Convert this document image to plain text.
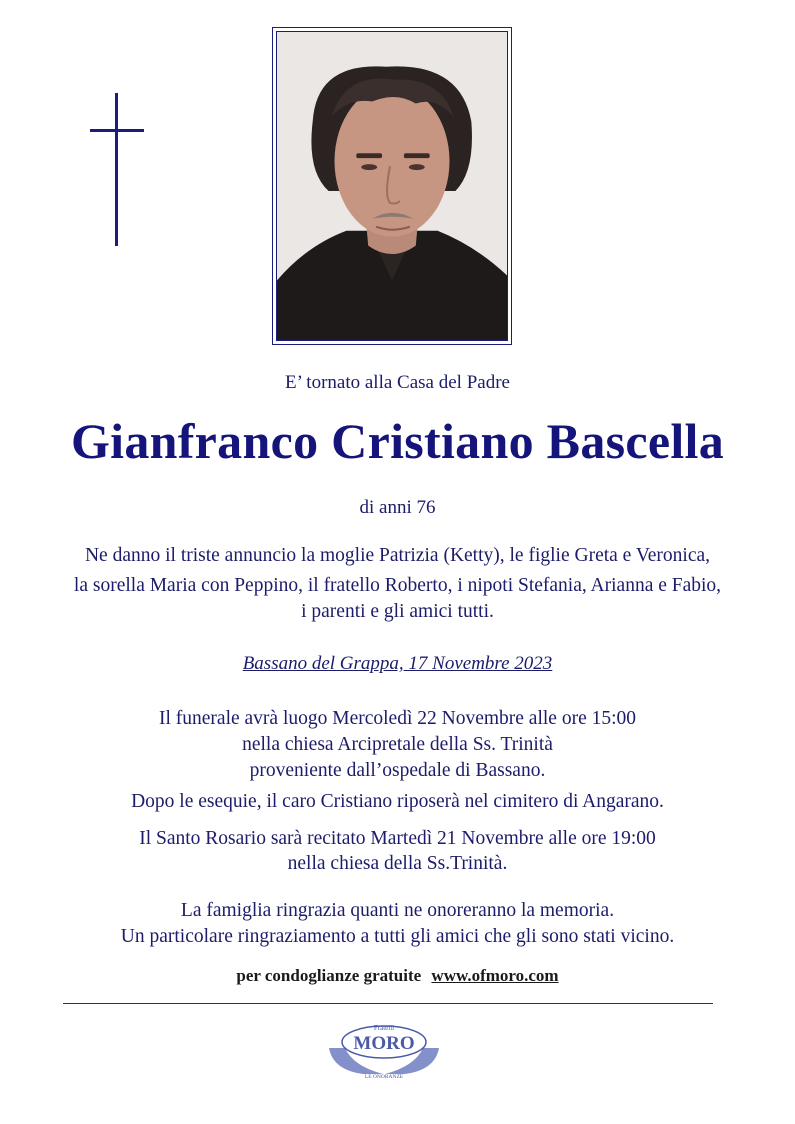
E’ tornato alla Casa del Padre
Gianfranco Cristiano Bascella
di anni 76
Ne danno il triste annuncio la moglie Patrizia (Ketty), le figlie Greta e Veronica,
la sorella Maria con Peppino, il fratello Roberto, i nipoti Stefania, Arianna e Fabio,
i parenti e gli amici tutti.
Bassano del Grappa, 17 Novembre 2023
Il funerale avrà luogo Mercoledì 22 Novembre alle ore 15:00
nella chiesa Arcipretale della Ss. Trinità
proveniente dall’ospedale di Bassano.
Dopo le esequie, il caro Cristiano riposerà nel cimitero di Angarano.
Il Santo Rosario sarà recitato Martedì 21 Novembre alle ore 19:00
nella chiesa della Ss.Trinità.
La famiglia ringrazia quanti ne onoreranno la memoria.
Un particolare ringraziamento a tutti gli amici che gli sono stati vicino.
per condoglianze gratuite www.ofmoro.com
Fratelli
MORO
LE ONORANZE
